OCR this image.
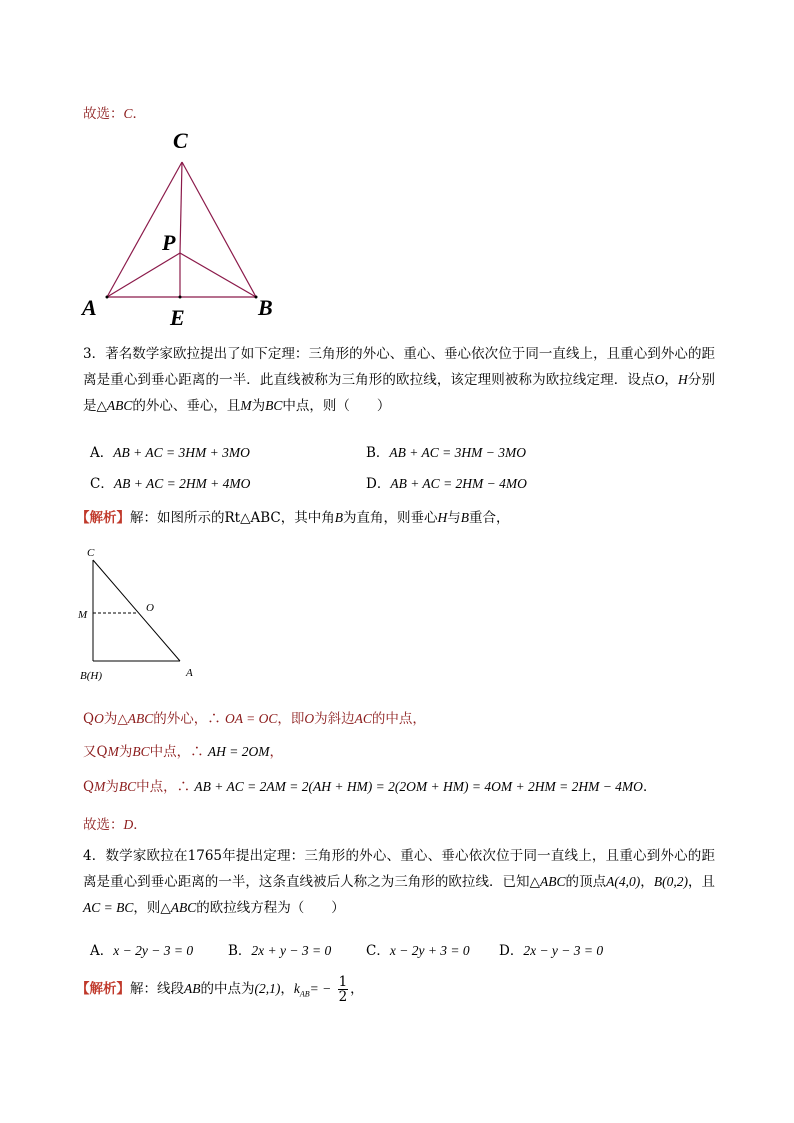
故选：C．
C
P
A	E	B
3．著名数学家欧拉提出了如下定理：三角形的外心、重心、垂心依次位于同一直线上，且重心到外心的距离是重心到垂心距离的一半．此直线被称为三角形的欧拉线，该定理则被称为欧拉线定理．设点O，H分别是△ABC的外心、垂心，且M为BC中点，则（　　）
A．AB + AC = 3HM + 3MO	B．AB + AC = 3HM − 3MO
C．AB + AC = 2HM + 4MO	D．AB + AC = 2HM − 4MO
【解析】解：如图所示的Rt△ABC，其中角B为直角，则垂心H与B重合，
C
M
O
B(H)	A
QO为△ABC的外心，∴ OA = OC，即O为斜边AC的中点，
又QM为BC中点，∴ AH = 2OM，
QM为BC中点，∴ AB + AC = 2AM = 2(AH + HM) = 2(2OM + HM) = 4OM + 2HM = 2HM − 4MO．
故选：D．
4．数学家欧拉在1765年提出定理：三角形的外心、重心、垂心依次位于同一直线上，且重心到外心的距离是重心到垂心距离的一半，这条直线被后人称之为三角形的欧拉线．已知△ABC的顶点A(4,0)，B(0,2)，且AC = BC，则△ABC的欧拉线方程为（　　）
A．x − 2y − 3 = 0	B．2x + y − 3 = 0	C．x − 2y + 3 = 0 D．2x − y − 3 = 0
【解析】解：线段AB的中点为(2,1)，$k_{AB}= - \frac{1}{2}$ ，
